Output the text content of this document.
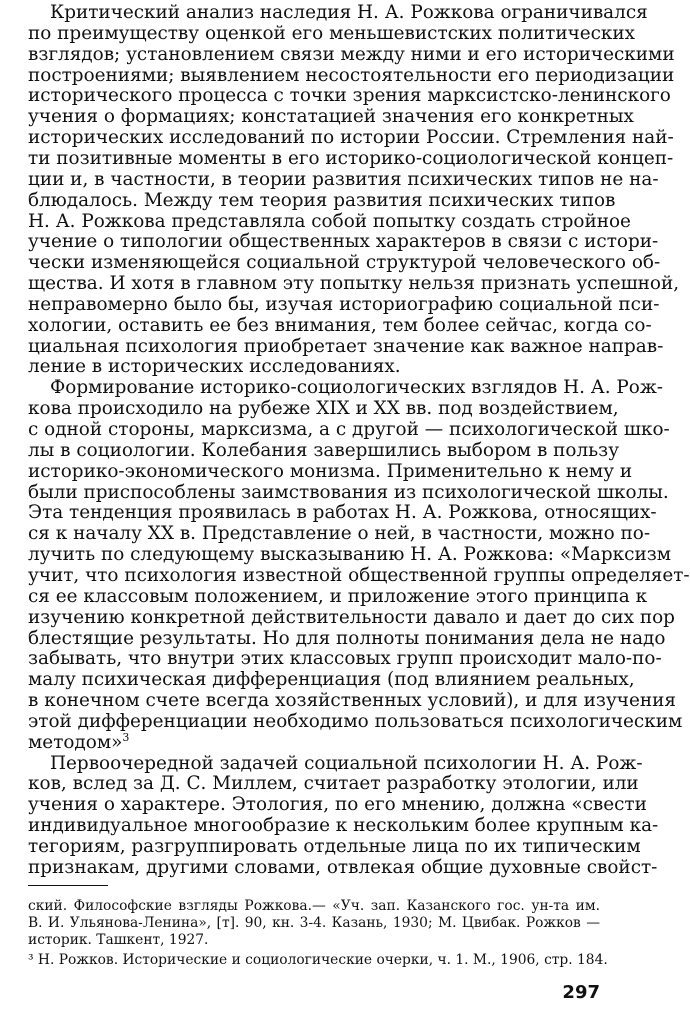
Критический анализ наследия Н. А. Рожкова ограничивался
по преимуществу оценкой его меньшевистских политических
взглядов; установлением связи между ними и его историческими
построениями; выявлением несостоятельности его периодизации
исторического процесса с точки зрения марксистско-ленинского
учения о формациях; констатацией значения его конкретных
исторических исследований по истории России. Стремления най-
ти позитивные моменты в его историко-социологической концеп-
ции и, в частности, в теории развития психических типов не на-
блюдалось. Между тем теория развития психических типов
Н. А. Рожкова представляла собой попытку создать стройное
учение о типологии общественных характеров в связи с истори-
чески изменяющейся социальной структурой человеческого об-
щества. И хотя в главном эту попытку нельзя признать успешной,
неправомерно было бы, изучая историографию социальной пси-
хологии, оставить ее без внимания, тем более сейчас, когда со-
циальная психология приобретает значение как важное направ-
ление в исторических исследованиях.
Формирование историко-социологических взглядов Н. А. Рож-
кова происходило на рубеже XIX и XX вв. под воздействием,
с одной стороны, марксизма, а с другой — психологической шко-
лы в социологии. Колебания завершились выбором в пользу
историко-экономического монизма. Применительно к нему и
были приспособлены заимствования из психологической школы.
Эта тенденция проявилась в работах Н. А. Рожкова, относящих-
ся к началу XX в. Представление о ней, в частности, можно по-
лучить по следующему высказыванию Н. А. Рожкова: «Марксизм
учит, что психология известной общественной группы определяет-
ся ее классовым положением, и приложение этого принципа к
изучению конкретной действительности давало и дает до сих пор
блестящие результаты. Но для полноты понимания дела не надо
забывать, что внутри этих классовых групп происходит мало-по-
малу психическая дифференциация (под влиянием реальных,
в конечном счете всегда хозяйственных условий), и для изучения
этой дифференциации необходимо пользоваться психологическим
методом»$^3$
Первоочередной задачей социальной психологии Н. А. Рож-
ков, вслед за Д. С. Миллем, считает разработку этологии, или
учения о характере. Этология, по его мнению, должна «свести
индивидуальное многообразие к нескольким более крупным ка-
тегориям, разгруппировать отдельные лица по их типическим
признакам, другими словами, отвлекая общие духовные свойст-
ский. Философские взгляды Рожкова.— «Уч. зап. Казанского гос. ун-та им.
В. И. Ульянова-Ленина», [т]. 90, кн. 3-4. Казань, 1930; М. Цвибак. Рожков —
историк. Ташкент, 1927.
³ Н. Рожков. Исторические и социологические очерки, ч. 1. М., 1906, стр. 184.
297
